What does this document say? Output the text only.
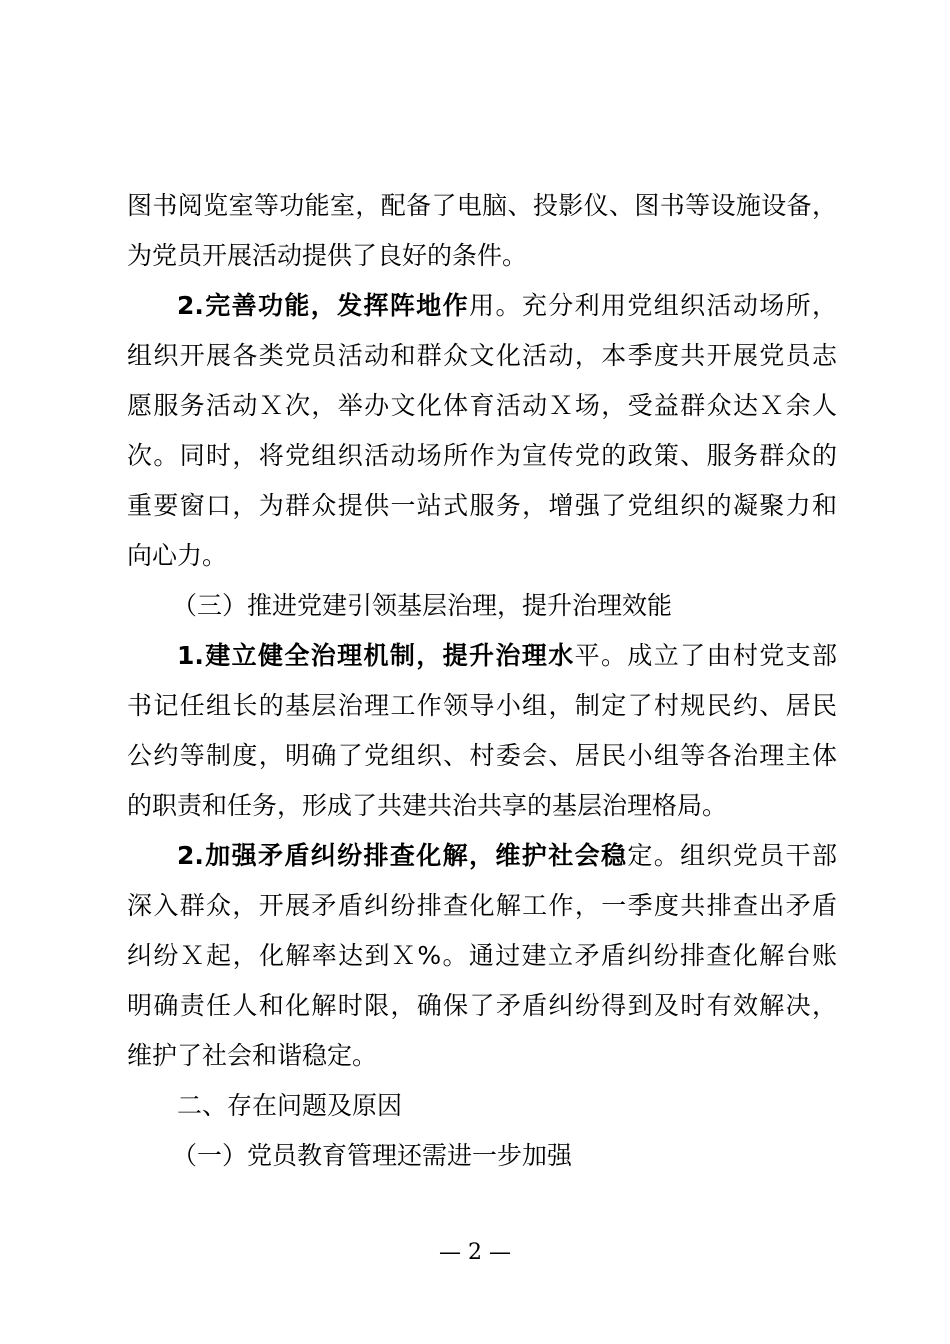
图书阅览室等功能室，配备了电脑、投影仪、图书等设施设备，
为党员开展活动提供了良好的条件。
2.完善功能，发挥阵地作用。充分利用党组织活动场所，
组织开展各类党员活动和群众文化活动，本季度共开展党员志
愿服务活动Ｘ次，举办文化体育活动Ｘ场，受益群众达Ｘ余人
次。同时，将党组织活动场所作为宣传党的政策、服务群众的
重要窗口，为群众提供一站式服务，增强了党组织的凝聚力和
向心力。
（三）推进党建引领基层治理，提升治理效能
1.建立健全治理机制，提升治理水平。成立了由村党支部
书记任组长的基层治理工作领导小组，制定了村规民约、居民
公约等制度，明确了党组织、村委会、居民小组等各治理主体
的职责和任务，形成了共建共治共享的基层治理格局。
2.加强矛盾纠纷排查化解，维护社会稳定。组织党员干部
深入群众，开展矛盾纠纷排查化解工作，一季度共排查出矛盾
纠纷Ｘ起，化解率达到Ｘ%。通过建立矛盾纠纷排查化解台账
明确责任人和化解时限，确保了矛盾纠纷得到及时有效解决，
维护了社会和谐稳定。
二、存在问题及原因
（一）党员教育管理还需进一步加强
— 2 —
